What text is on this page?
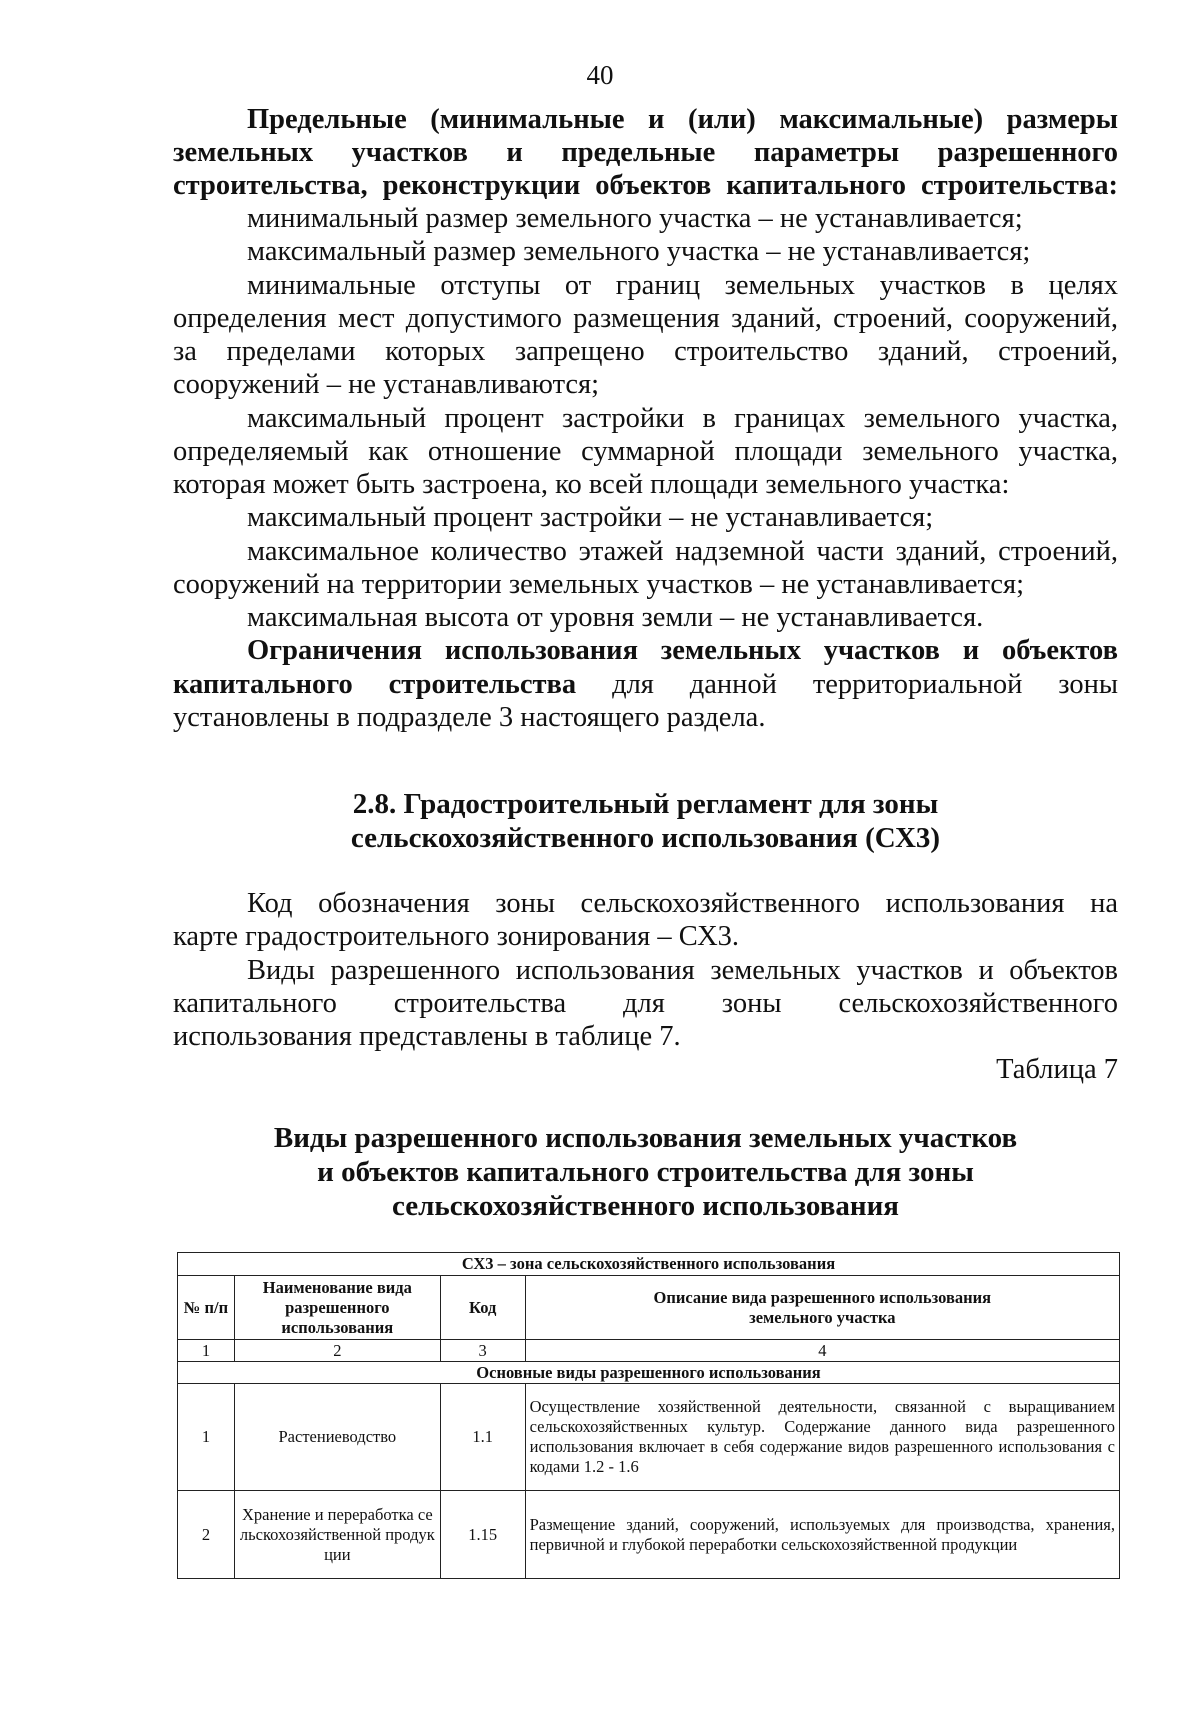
40
Предельные (минимальные и (или) максимальные) размеры
земельных участков и предельные параметры разрешенного
строительства, реконструкции объектов капитального строительства:
минимальный размер земельного участка – не устанавливается;
максимальный размер земельного участка – не устанавливается;
минимальные отступы от границ земельных участков в целях
определения мест допустимого размещения зданий, строений, сооружений,
за пределами которых запрещено строительство зданий, строений,
сооружений – не устанавливаются;
максимальный процент застройки в границах земельного участка,
определяемый как отношение суммарной площади земельного участка,
которая может быть застроена, ко всей площади земельного участка:
максимальный процент застройки – не устанавливается;
максимальное количество этажей надземной части зданий, строений,
сооружений на территории земельных участков – не устанавливается;
максимальная высота от уровня земли – не устанавливается.
Ограничения использования земельных участков и объектов
капитального строительства для данной территориальной зоны
установлены в подразделе 3 настоящего раздела.
2.8. Градостроительный регламент для зоны
сельскохозяйственного использования (СХ3)
Код обозначения зоны сельскохозяйственного использования на
карте градостроительного зонирования – СХ3.
Виды разрешенного использования земельных участков и объектов
капитального строительства для зоны сельскохозяйственного
использования представлены в таблице 7.
Таблица 7
Виды разрешенного использования земельных участков
и объектов капитального строительства для зоны
сельскохозяйственного использования
СХ3 – зона сельскохозяйственного использования			
№ п/п	Наименование вида разрешенного использования	Код	Описание вида разрешенного использования земельного участка
1	2	3	4
Основные виды разрешенного использования			
1	Растениеводство	1.1	Осуществление хозяйственной деятельности, связанной с выращиванием сельскохозяйственных культур. Содержание данного вида разрешенного использования включает в себя содержание видов разрешенного использования с кодами 1.2 - 1.6
2	Хранение и переработка сельскохозяйственной продукции	1.15	Размещение зданий, сооружений, используемых для производства, хранения, первичной и глубокой переработки сельскохозяйственной продукции
